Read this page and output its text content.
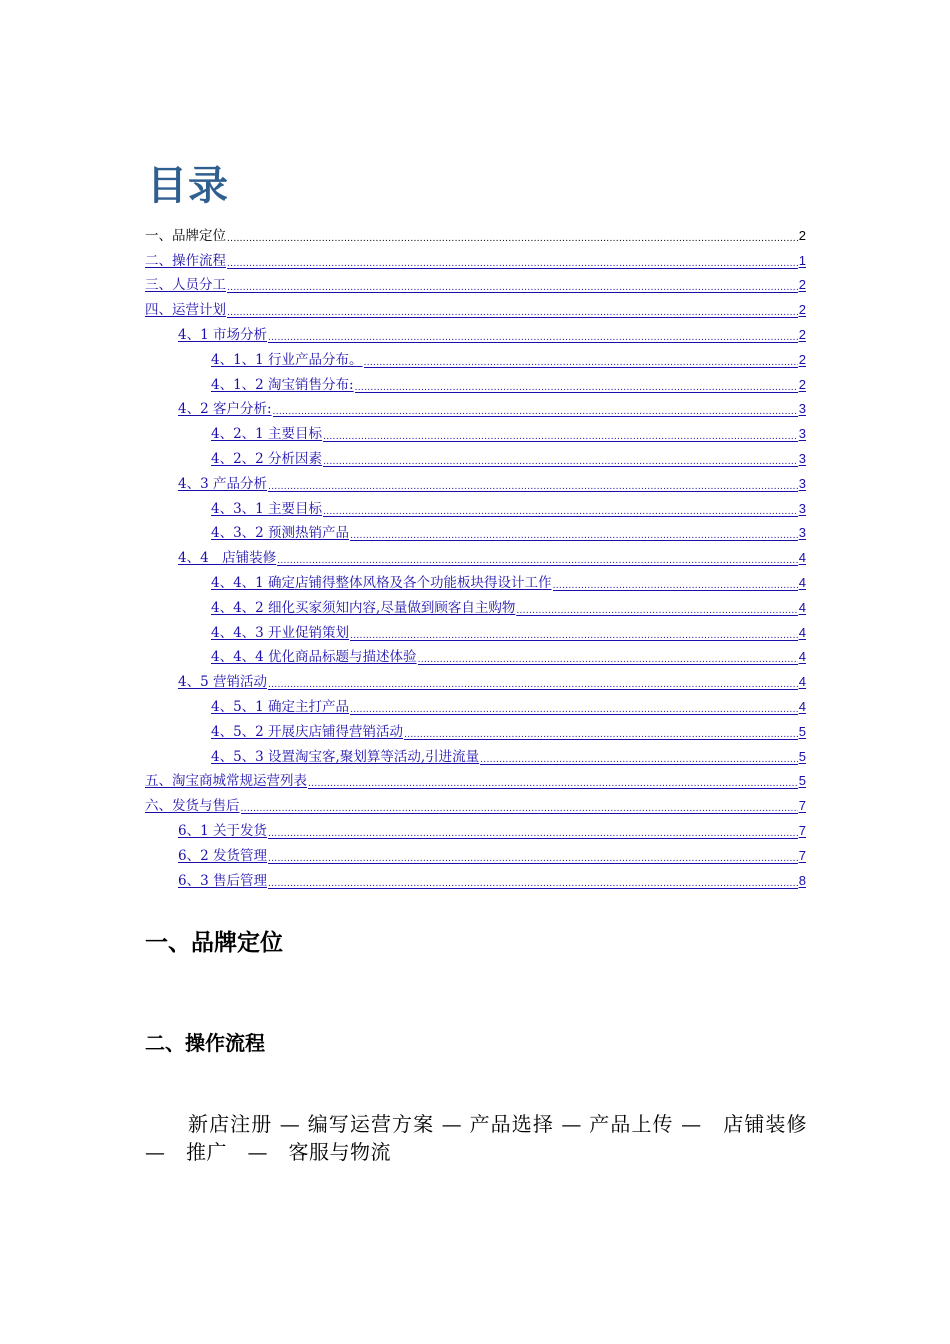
目录
一、品牌定位 .....	2
二、操作流程 .....	1
三、人员分工 .....	2
四、运营计划 .....	2
4、1 市场分析 .....	2
4、1、1 行业产品分布。 .....	2
4、1、2 淘宝销售分布: .....	2
4、2 客户分析: .....	3
4、2、1 主要目标 .....	3
4、2、2 分析因素 .....	3
4、3 产品分析 .....	3
4、3、1 主要目标 .....	3
4、3、2 预测热销产品 .....	3
4、4　店铺装修 .....	4
4、4、1 确定店铺得整体风格及各个功能板块得设计工作 .....	4
4、4、2 细化买家须知内容,尽量做到顾客自主购物 .....	4
4、4、3 开业促销策划 .....	4
4、4、4 优化商品标题与描述体验 .....	4
4、5 营销活动 .....	4
4、5、1 确定主打产品 .....	4
4、5、2 开展庆店铺得营销活动 .....	5
4、5、3 设置淘宝客,聚划算等活动,引进流量 .....	5
五、淘宝商城常规运营列表 .....	5
六、发货与售后 .....	7
6、1 关于发货 .....	7
6、2 发货管理 .....	7
6、3 售后管理 .....	8
一、品牌定位
二、操作流程

新店注册 — 编写运营方案 — 产品选择 — 产品上传 —　店铺装修　—　推广　—　客服与物流
